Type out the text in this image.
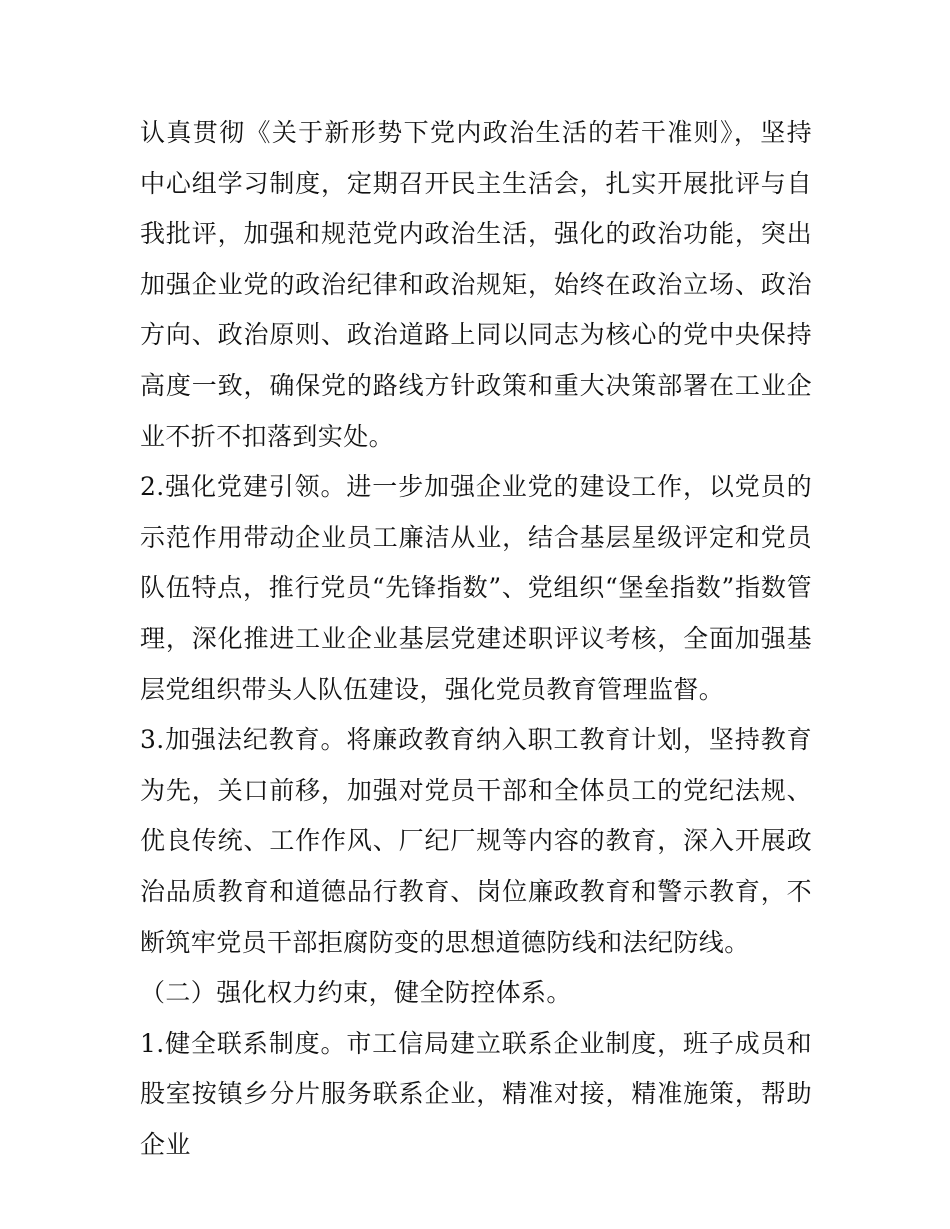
认真贯彻《关于新形势下党内政治生活的若干准则》，坚持中心组学习制度，定期召开民主生活会，扎实开展批评与自我批评，加强和规范党内政治生活，强化的政治功能，突出加强企业党的政治纪律和政治规矩，始终在政治立场、政治方向、政治原则、政治道路上同以同志为核心的党中央保持高度一致，确保党的路线方针政策和重大决策部署在工业企业不折不扣落到实处。

2.强化党建引领。进一步加强企业党的建设工作，以党员的示范作用带动企业员工廉洁从业，结合基层星级评定和党员队伍特点，推行党员“先锋指数”、党组织“堡垒指数”指数管理，深化推进工业企业基层党建述职评议考核，全面加强基层党组织带头人队伍建设，强化党员教育管理监督。

3.加强法纪教育。将廉政教育纳入职工教育计划，坚持教育为先，关口前移，加强对党员干部和全体员工的党纪法规、优良传统、工作作风、厂纪厂规等内容的教育，深入开展政治品质教育和道德品行教育、岗位廉政教育和警示教育，不断筑牢党员干部拒腐防变的思想道德防线和法纪防线。

（二）强化权力约束，健全防控体系。

1.健全联系制度。市工信局建立联系企业制度，班子成员和股室按镇乡分片服务联系企业，精准对接，精准施策，帮助企业
